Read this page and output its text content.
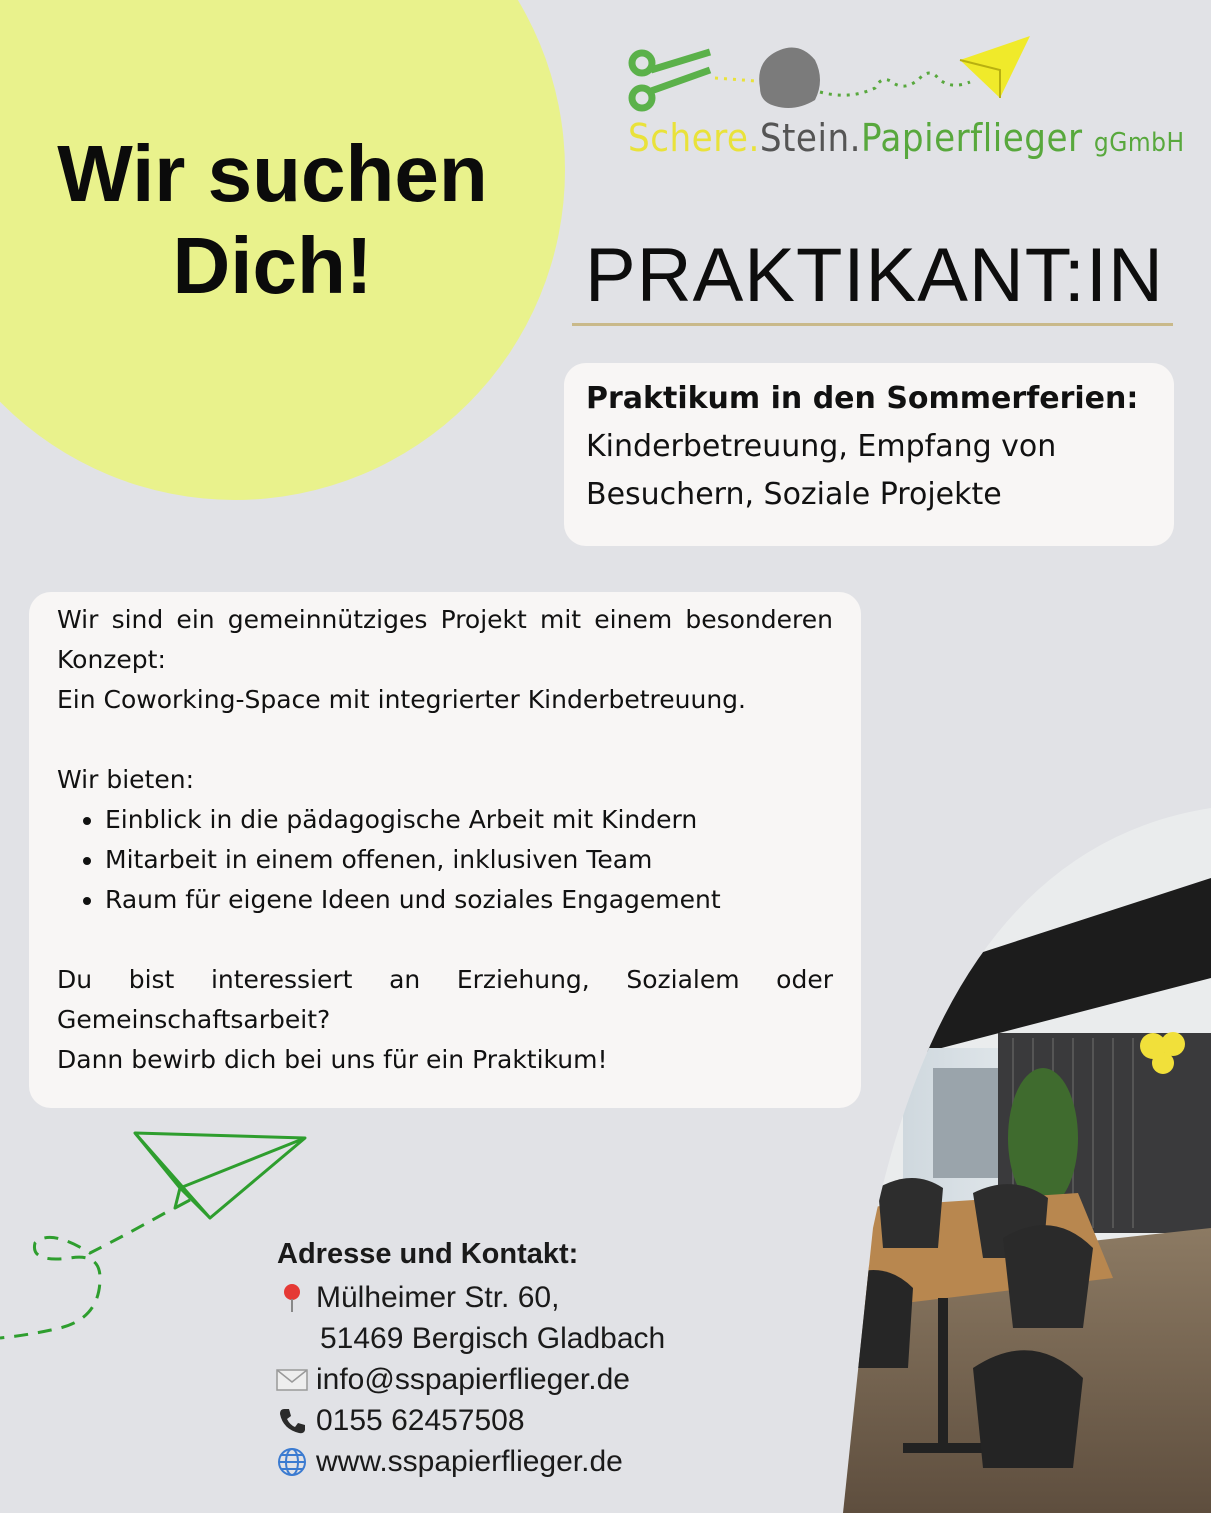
Wir suchen
Dich!
Schere.Stein.Papierflieger gGmbH
PRAKTIKANT:IN
Praktikum in den Sommerferien:
Kinderbetreuung, Empfang von
Besuchern, Soziale Projekte

Wir sind ein gemeinnütziges Projekt mit einem besonderen Konzept:

Ein Coworking-Space mit integrierter Kinderbetreuung.

Wir bieten:

• Einblick in die pädagogische Arbeit mit Kindern
• Mitarbeit in einem offenen, inklusiven Team
• Raum für eigene Ideen und soziales Engagement

Du bist interessiert an Erziehung, Sozialem oder Gemeinschaftsarbeit?

Dann bewirb dich bei uns für ein Praktikum!

Adresse und Kontakt:
Mülheimer Str. 60,
51469 Bergisch Gladbach
info@sspapierflieger.de
0155 62457508
www.sspapierflieger.de
